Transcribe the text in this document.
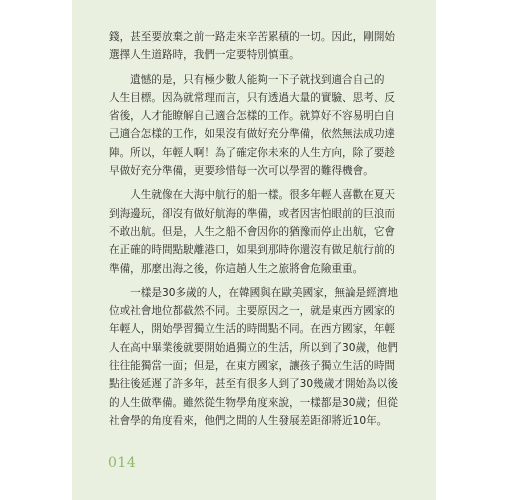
錢，甚至要放棄之前一路走來辛苦累積的一切。因此，剛開始
選擇人生道路時，我們一定要特別慎重。

　　遺憾的是，只有極少數人能夠一下子就找到適合自己的
人生目標。因為就常理而言，只有透過大量的實驗、思考、反
省後，人才能瞭解自己適合怎樣的工作。就算好不容易明白自
己適合怎樣的工作，如果沒有做好充分準備，依然無法成功達
陣。所以，年輕人啊！為了確定你未來的人生方向，除了要趁
早做好充分準備，更要珍惜每一次可以學習的難得機會。

　　人生就像在大海中航行的船一樣。很多年輕人喜歡在夏天
到海邊玩，卻沒有做好航海的準備，或者因害怕眼前的巨浪而
不敢出航。但是，人生之船不會因你的猶豫而停止出航，它會
在正確的時間點駛離港口，如果到那時你還沒有做足航行前的
準備，那麼出海之後，你這趟人生之旅將會危險重重。

　　一樣是30多歲的人，在韓國與在歐美國家，無論是經濟地
位或社會地位都截然不同。主要原因之一，就是東西方國家的
年輕人，開始學習獨立生活的時間點不同。在西方國家，年輕
人在高中畢業後就要開始過獨立的生活，所以到了30歲，他們
往往能獨當一面；但是，在東方國家，讓孩子獨立生活的時間
點往後延遲了許多年，甚至有很多人到了30幾歲才開始為以後
的人生做準備。雖然從生物學角度來說，一樣都是30歲；但從
社會學的角度看來，他們之間的人生發展差距卻將近10年。

014
